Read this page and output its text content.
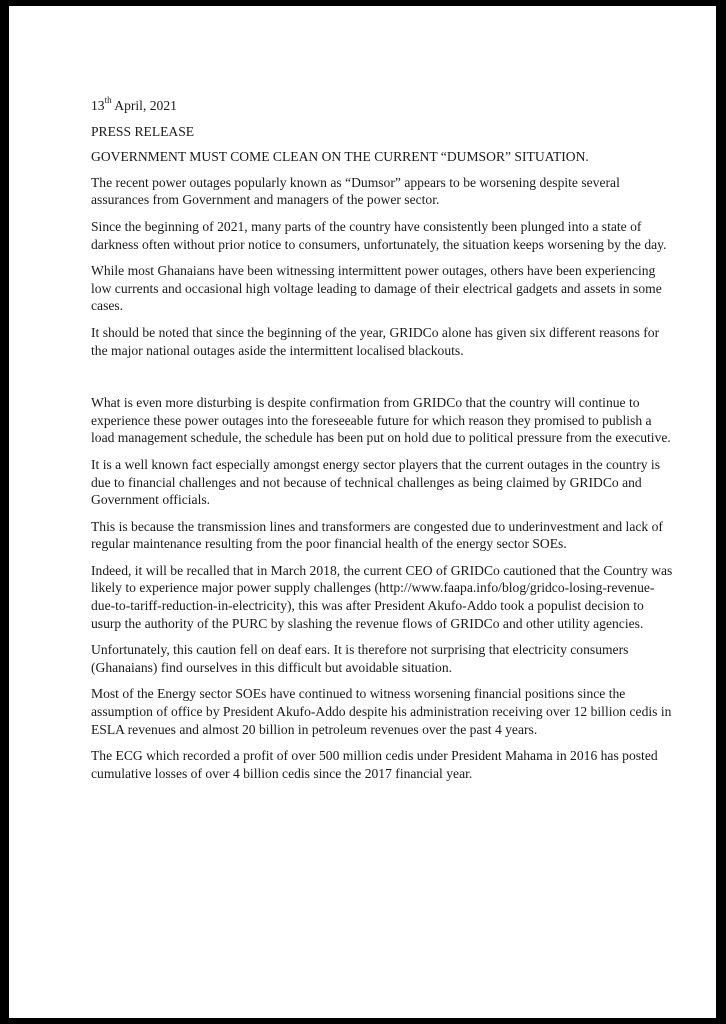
13th April, 2021
PRESS RELEASE
GOVERNMENT MUST COME CLEAN ON THE CURRENT “DUMSOR” SITUATION.

The recent power outages popularly known as “Dumsor” appears to be worsening despite several assurances from Government and managers of the power sector.

Since the beginning of 2021, many parts of the country have consistently been plunged into a state of darkness often without prior notice to consumers, unfortunately, the situation keeps worsening by the day.

While most Ghanaians have been witnessing intermittent power outages, others have been experiencing low currents and occasional high voltage leading to damage of their electrical gadgets and assets in some cases.

It should be noted that since the beginning of the year, GRIDCo alone has given six different reasons for the major national outages aside the intermittent localised blackouts.

What is even more disturbing is despite confirmation from GRIDCo that the country will continue to experience these power outages into the foreseeable future for which reason they promised to publish a load management schedule, the schedule has been put on hold due to political pressure from the executive.

It is a well known fact especially amongst energy sector players that the current outages in the country is due to financial challenges and not because of technical challenges as being claimed by GRIDCo and Government officials.

This is because the transmission lines and transformers are congested due to underinvestment and lack of regular maintenance resulting from the poor financial health of the energy sector SOEs.

Indeed, it will be recalled that in March 2018, the current CEO of GRIDCo cautioned that the Country was likely to experience major power supply challenges (http://www.faapa.info/blog/gridco-losing-revenue-due-to-tariff-reduction-in-electricity), this was after President Akufo-Addo took a populist decision to usurp the authority of the PURC by slashing the revenue flows of GRIDCo and other utility agencies.

Unfortunately, this caution fell on deaf ears. It is therefore not surprising that electricity consumers (Ghanaians) find ourselves in this difficult but avoidable situation.

Most of the Energy sector SOEs have continued to witness worsening financial positions since the assumption of office by President Akufo-Addo despite his administration receiving over 12 billion cedis in ESLA revenues and almost 20 billion in petroleum revenues over the past 4 years.

The ECG which recorded a profit of over 500 million cedis under President Mahama in 2016 has posted cumulative losses of over 4 billion cedis since the 2017 financial year.
